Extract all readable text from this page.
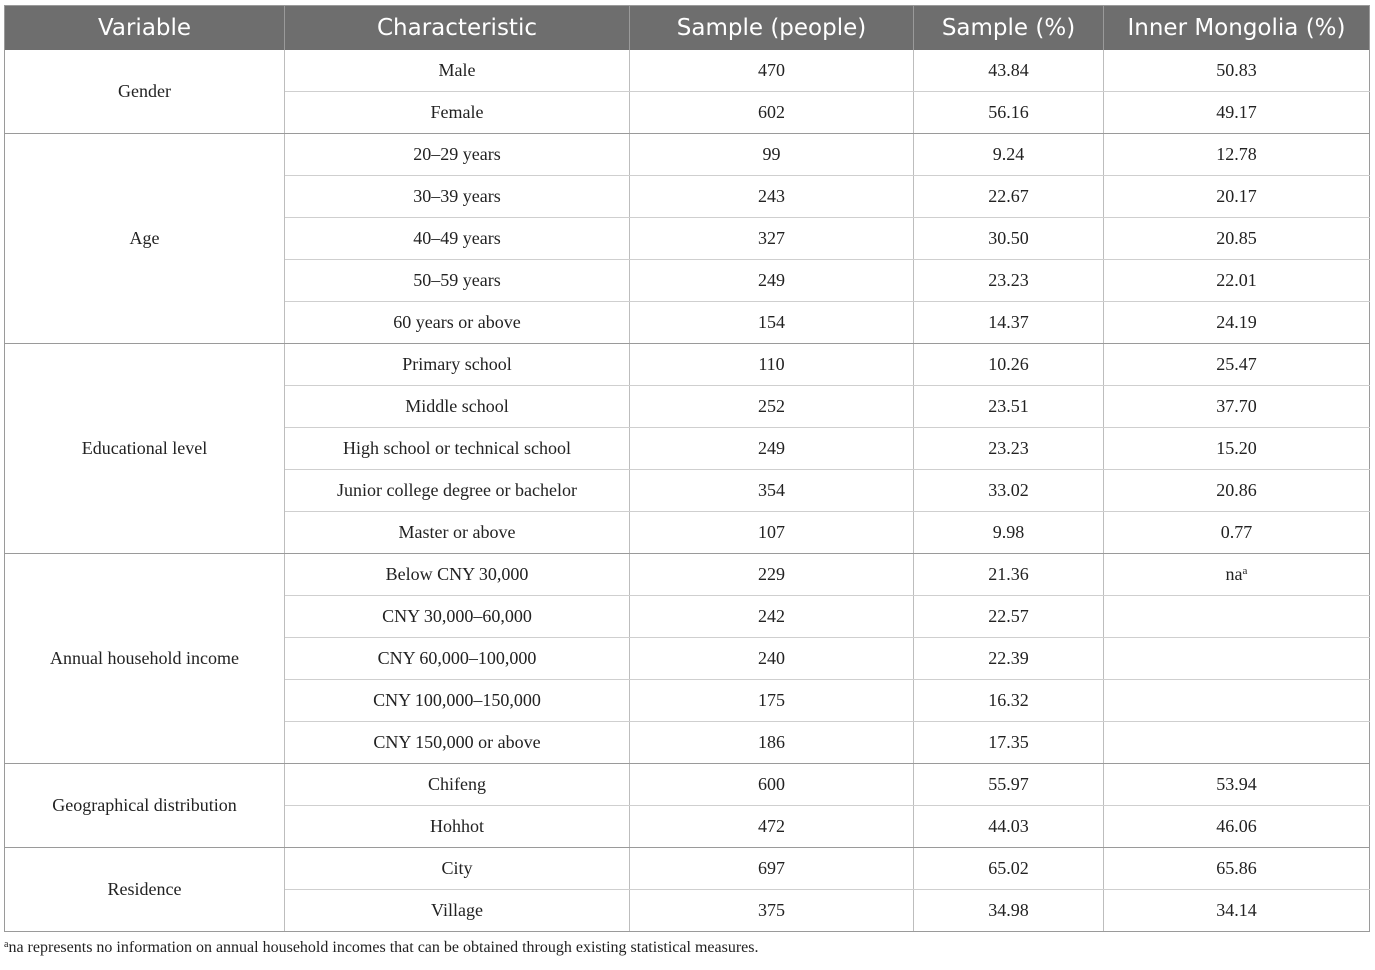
Variable	Characteristic	Sample (people)	Sample (%)	Inner Mongolia (%)
Gender	Male	470	43.84	50.83
	Female	602	56.16	49.17
Age	20–29 years	99	9.24	12.78
	30–39 years	243	22.67	20.17
	40–49 years	327	30.50	20.85
	50–59 years	249	23.23	22.01
	60 years or above	154	14.37	24.19
Educational level	Primary school	110	10.26	25.47
	Middle school	252	23.51	37.70
	High school or technical school	249	23.23	15.20
	Junior college degree or bachelor	354	33.02	20.86
	Master or above	107	9.98	0.77
Annual household income	Below CNY 30,000	229	21.36	$na^a$
	CNY 30,000–60,000	242	22.57	
	CNY 60,000–100,000	240	22.39	
	CNY 100,000–150,000	175	16.32	
	CNY 150,000 or above	186	17.35	
Geographical distribution	Chifeng	600	55.97	53.94
	Hohhot	472	44.03	46.06
Residence	City	697	65.02	65.86
	Village	375	34.98	34.14
$^a$na represents no information on annual household incomes that can be obtained through existing statistical measures.
